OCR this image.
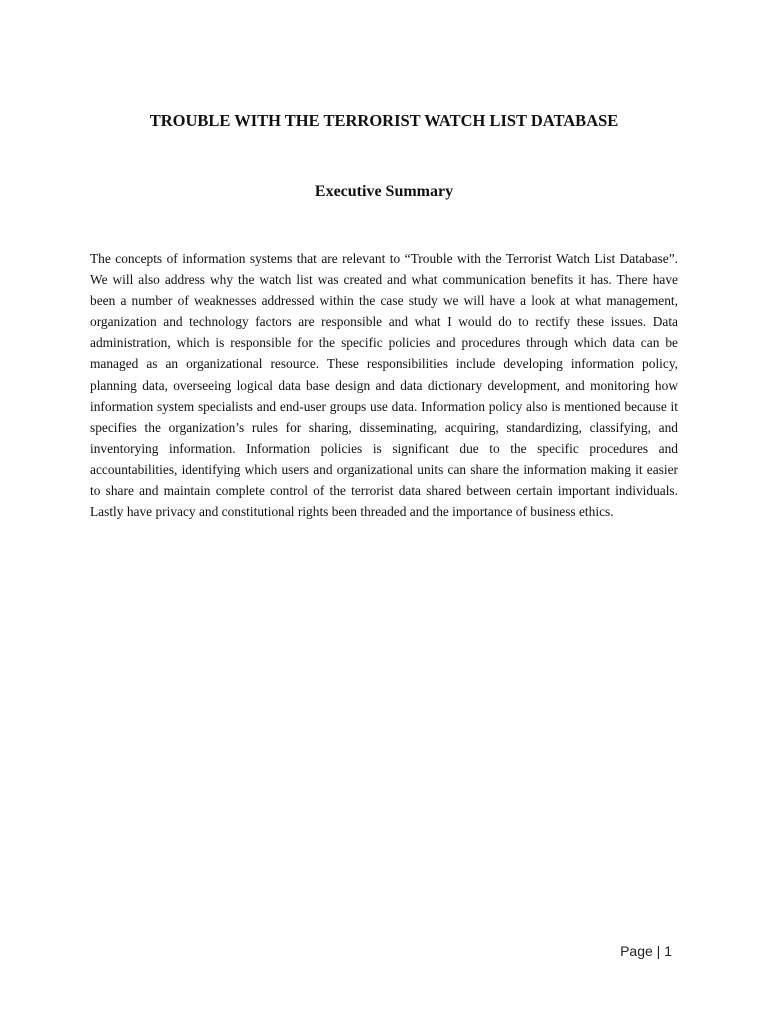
TROUBLE WITH THE TERRORIST WATCH LIST DATABASE
Executive Summary

The concepts of information systems that are relevant to “Trouble with the Terrorist Watch List Database”. We will also address why the watch list was created and what communication benefits it has. There have been a number of weaknesses addressed within the case study we will have a look at what management, organization and technology factors are responsible and what I would do to rectify these issues. Data administration, which is responsible for the specific policies and procedures through which data can be managed as an organizational resource. These responsibilities include developing information policy, planning data, overseeing logical data base design and data dictionary development, and monitoring how information system specialists and end-user groups use data. Information policy also is mentioned because it specifies the organization’s rules for sharing, disseminating, acquiring, standardizing, classifying, and inventorying information. Information policies is significant due to the specific procedures and accountabilities, identifying which users and organizational units can share the information making it easier to share and maintain complete control of the terrorist data shared between certain important individuals. Lastly have privacy and constitutional rights been threaded and the importance of business ethics.

Page | 1
